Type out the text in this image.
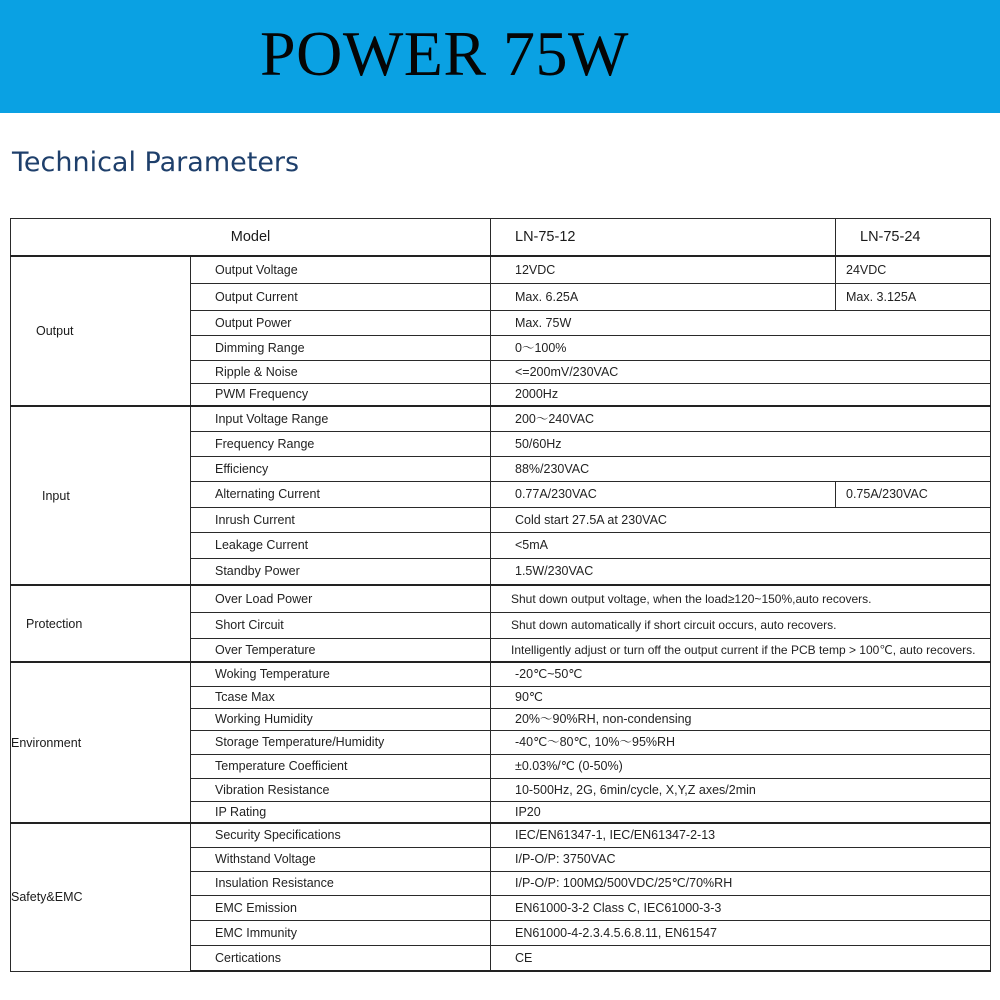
POWER 75W
Technical Parameters
Model		LN-75-12	LN-75-24
Output	Output Voltage	12VDC	24VDC
	Output Current	Max. 6.25A	Max. 3.125A
	Output Power	Max. 75W	
	Dimming Range	0～100%	
	Ripple & Noise	<=200mV/230VAC	
	PWM Frequency	2000Hz	
Input	Input Voltage Range	200～240VAC	
	Frequency Range	50/60Hz	
	Efficiency	88%/230VAC	
	Alternating Current	0.77A/230VAC	0.75A/230VAC
	Inrush Current	Cold start 27.5A at 230VAC	
	Leakage Current	<5mA	
	Standby Power	1.5W/230VAC	
Protection	Over Load Power	Shut down output voltage, when the load≥120~150%,auto recovers.	
	Short Circuit	Shut down automatically if short circuit occurs, auto recovers.	
	Over Temperature	Intelligently adjust or turn off the output current if the PCB temp > 100℃, auto recovers.	
Environment	Woking Temperature	-20℃~50℃	
	Tcase Max	90℃	
	Working Humidity	20%～90%RH, non-condensing	
	Storage Temperature/Humidity	-40℃～80℃, 10%～95%RH	
	Temperature Coefficient	±0.03%/℃ (0-50%)	
	Vibration Resistance	10-500Hz, 2G, 6min/cycle, X,Y,Z axes/2min	
	IP Rating	IP20	
Safety&EMC	Security Specifications	IEC/EN61347-1, IEC/EN61347-2-13	
	Withstand Voltage	I/P-O/P: 3750VAC	
	Insulation Resistance	I/P-O/P: 100MΩ/500VDC/25℃/70%RH	
	EMC Emission	EN61000-3-2 Class C, IEC61000-3-3	
	EMC Immunity	EN61000-4-2.3.4.5.6.8.11, EN61547	
	Certications	CE	
